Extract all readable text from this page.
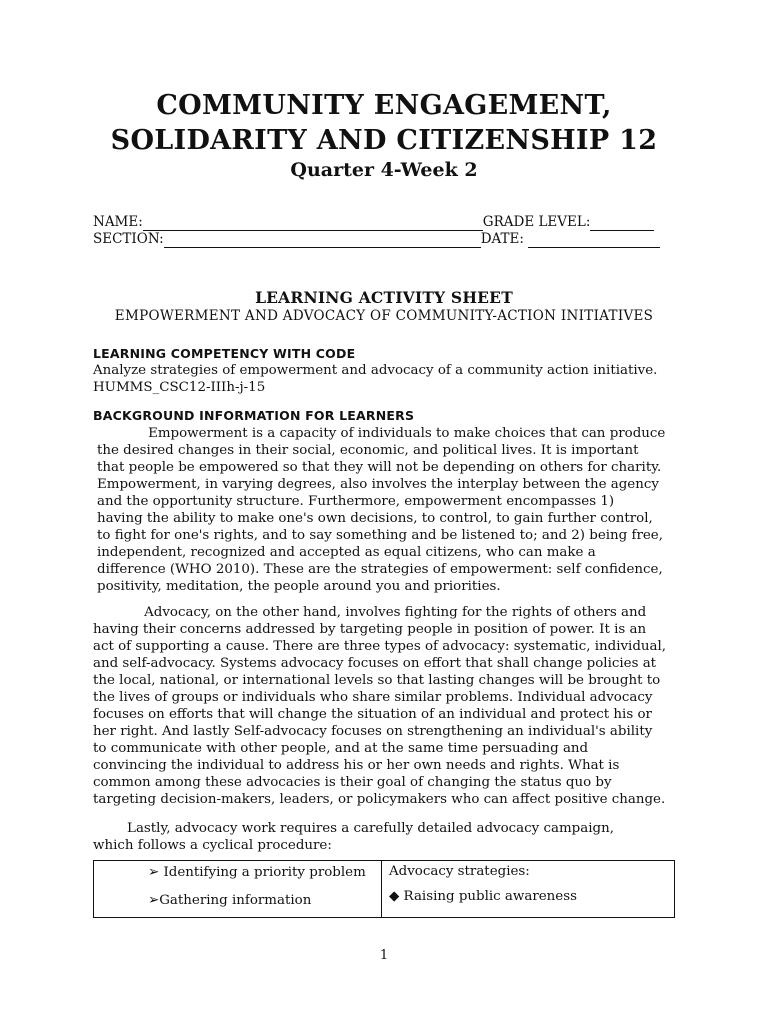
COMMUNITY ENGAGEMENT,
SOLIDARITY AND CITIZENSHIP 12
Quarter 4-Week 2
NAME:	GRADE LEVEL:
SECTION:	DATE:
LEARNING ACTIVITY SHEET
EMPOWERMENT AND ADVOCACY OF COMMUNITY-ACTION INITIATIVES
LEARNING COMPETENCY WITH CODE
Analyze strategies of empowerment and advocacy of a community action initiative.
HUMMS_CSC12-IIIh-j-15
BACKGROUND INFORMATION FOR LEARNERS
Empowerment is a capacity of individuals to make choices that can produce
the desired changes in their social, economic, and political lives. It is important
that people be empowered so that they will not be depending on others for charity.
Empowerment, in varying degrees, also involves the interplay between the agency
and the opportunity structure. Furthermore, empowerment encompasses 1)
having the ability to make one's own decisions, to control, to gain further control,
to fight for one's rights, and to say something and be listened to; and 2) being free,
independent, recognized and accepted as equal citizens, who can make a
difference (WHO 2010). These are the strategies of empowerment: self confidence,
positivity, meditation, the people around you and priorities.
Advocacy, on the other hand, involves fighting for the rights of others and
having their concerns addressed by targeting people in position of power. It is an
act of supporting a cause. There are three types of advocacy: systematic, individual,
and self-advocacy. Systems advocacy focuses on effort that shall change policies at
the local, national, or international levels so that lasting changes will be brought to
the lives of groups or individuals who share similar problems. Individual advocacy
focuses on efforts that will change the situation of an individual and protect his or
her right. And lastly Self-advocacy focuses on strengthening an individual's ability
to communicate with other people, and at the same time persuading and
convincing the individual to address his or her own needs and rights. What is
common among these advocacies is their goal of changing the status quo by
targeting decision-makers, leaders, or policymakers who can affect positive change.
Lastly, advocacy work requires a carefully detailed advocacy campaign,
which follows a cyclical procedure:
➢ Identifying a priority problem
➢Gathering information
Advocacy strategies:
◆ Raising public awareness
1
